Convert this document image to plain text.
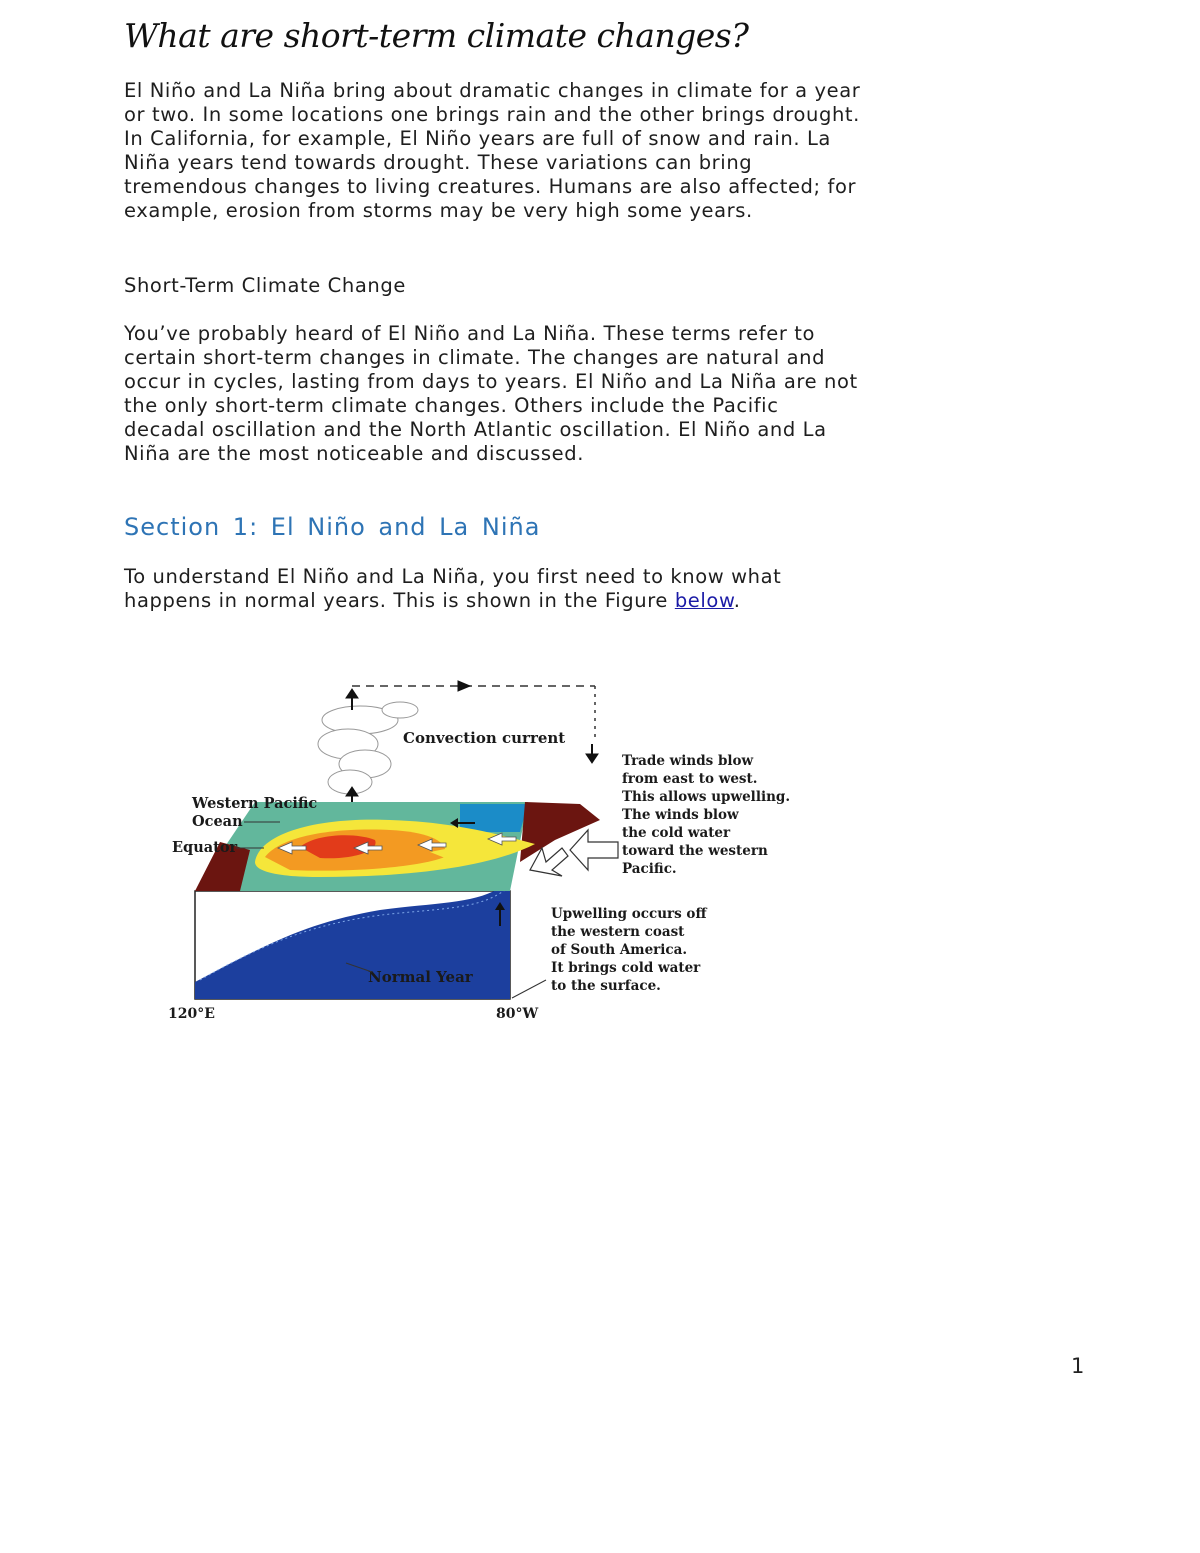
What are short-term climate changes?

El Niño and La Niña bring about dramatic changes in climate for a year or two. In some locations one brings rain and the other brings drought. In California, for example, El Niño years are full of snow and rain. La Niña years tend towards drought. These variations can bring tremendous changes to living creatures. Humans are also affected; for example, erosion from storms may be very high some years.

Short-Term Climate Change

You’ve probably heard of El Niño and La Niña. These terms refer to certain short-term changes in climate. The changes are natural and occur in cycles, lasting from days to years. El Niño and La Niña are not the only short-term climate changes. Others include the Pacific decadal oscillation and the North Atlantic oscillation. El Niño and La Niña are the most noticeable and discussed.

Section 1: El Niño and La Niña

To understand El Niño and La Niña, you first need to know what happens in normal years. This is shown in the Figure below.

Convection current
Western Pacific
Ocean
Equator
Normal Year
120°E	80°W
Trade winds blow
from east to west.
This allows upwelling.
The winds blow
the cold water
toward the western
Pacific.
Upwelling occurs off
the western coast
of South America.
It brings cold water
to the surface.
1
